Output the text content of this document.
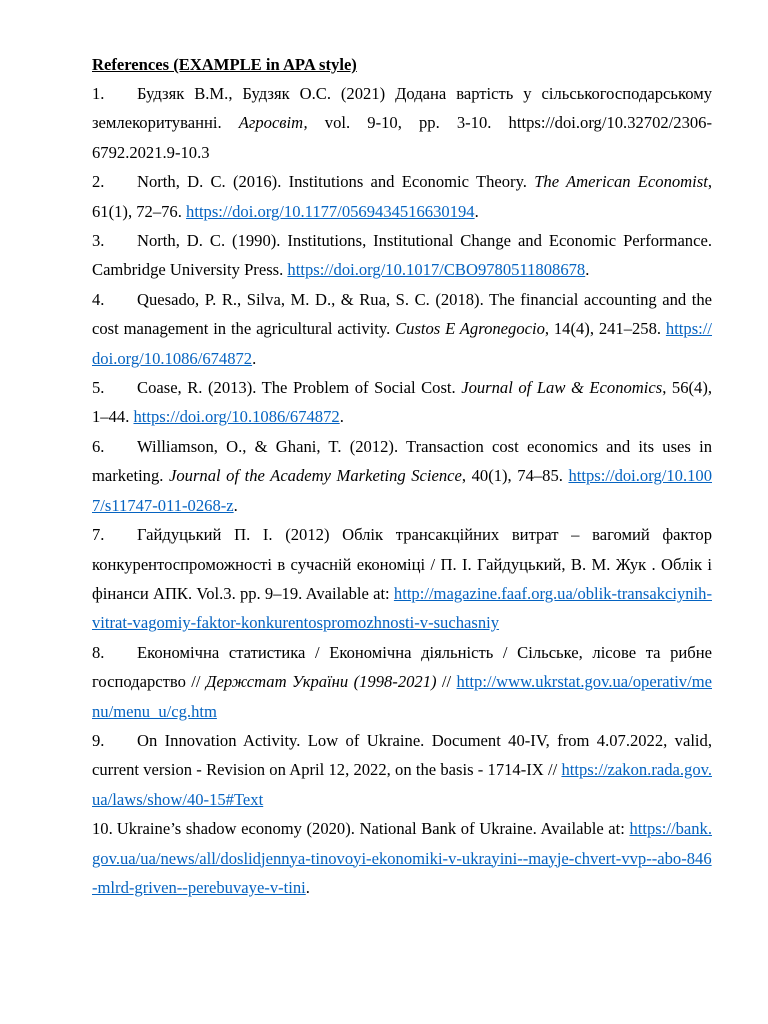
References (EXAMPLE in APA style)

1. Будзяк В.М., Будзяк О.С. (2021) Додана вартість у сільськогосподарському землекоритуванні. Агросвіт, vol. 9-10, pp. 3-10. https://doi.org/10.32702/2306-6792.2021.9-10.3

2. North, D. C. (2016). Institutions and Economic Theory. The American Economist, 61(1), 72–76. https://doi.org/10.1177/0569434516630194.

3. North, D. C. (1990). Institutions, Institutional Change and Economic Performance. Cambridge University Press. https://doi.org/10.1017/CBO9780511808678.

4. Quesado, P. R., Silva, M. D., & Rua, S. C. (2018). The financial accounting and the cost management in the agricultural activity. Custos E Agronegocio, 14(4), 241–258. https://doi.org/10.1086/674872.

5. Coase, R. (2013). The Problem of Social Cost. Journal of Law & Economics, 56(4), 1–44. https://doi.org/10.1086/674872.

6. Williamson, O., & Ghani, T. (2012). Transaction cost economics and its uses in marketing. Journal of the Academy Marketing Science, 40(1), 74–85. https://doi.org/10.1007/s11747-011-0268-z.

7. Гайдуцький П. І. (2012) Облік трансакційних витрат – вагомий фактор конкурентоспроможності в сучасній економіці / П. І. Гайдуцький, В. М. Жук . Облік і фінанси АПК. Vol.3. pp. 9–19. Available at: http://magazine.faaf.org.ua/oblik-transakciynih-vitrat-vagomiy-faktor-konkurentospromozhnosti-v-suchasniy

8. Економічна статистика / Економічна діяльність / Сільське, лісове та рибне господарство // Держстат України (1998-2021) // http://www.ukrstat.gov.ua/operativ/menu/menu_u/cg.htm

9. On Innovation Activity. Low of Ukraine. Document 40-IV, from 4.07.2022, valid, current version - Revision on April 12, 2022, on the basis - 1714-IX // https://zakon.rada.gov.ua/laws/show/40-15#Text

10. Ukraine’s shadow economy (2020). National Bank of Ukraine. Available at: https://bank.gov.ua/ua/news/all/doslidjennya-tinovoyi-ekonomiki-v-ukrayini--mayje-chvert-vvp--abo-846-mlrd-griven--perebuvaye-v-tini.
